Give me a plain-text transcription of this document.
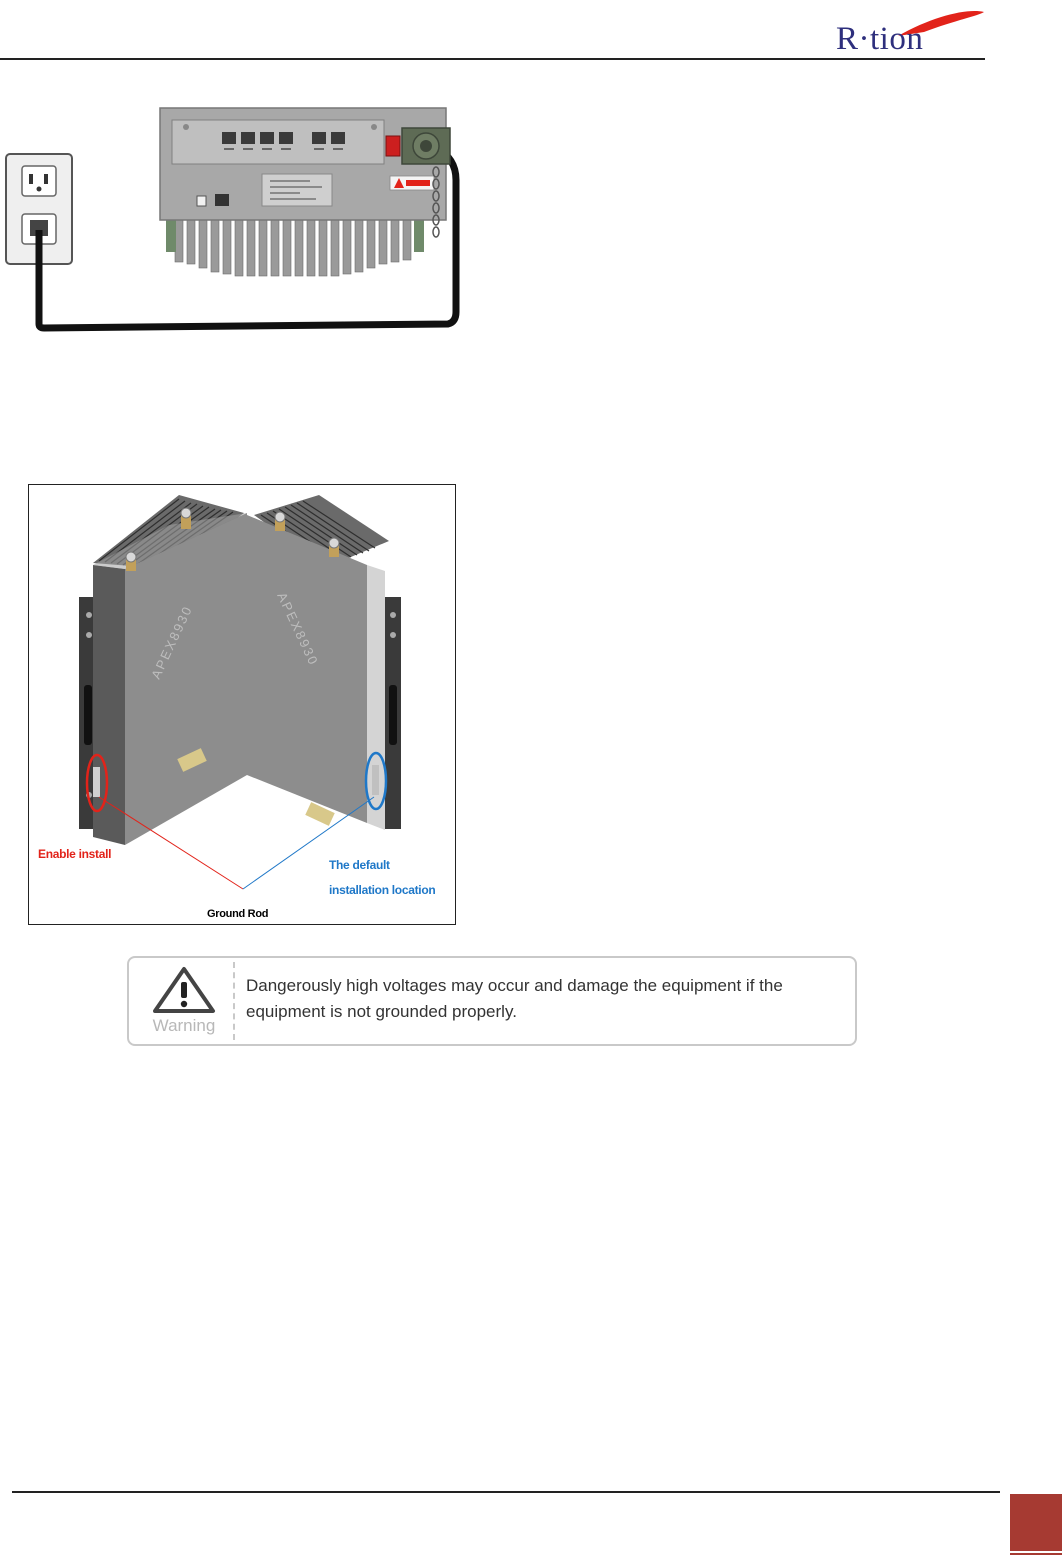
R·tion
APEX8930	APEX8930
Enable install
The default
installation location
Ground Rod
Warning
Dangerously high voltages may occur and damage the equipment if the equipment is not grounded properly.
